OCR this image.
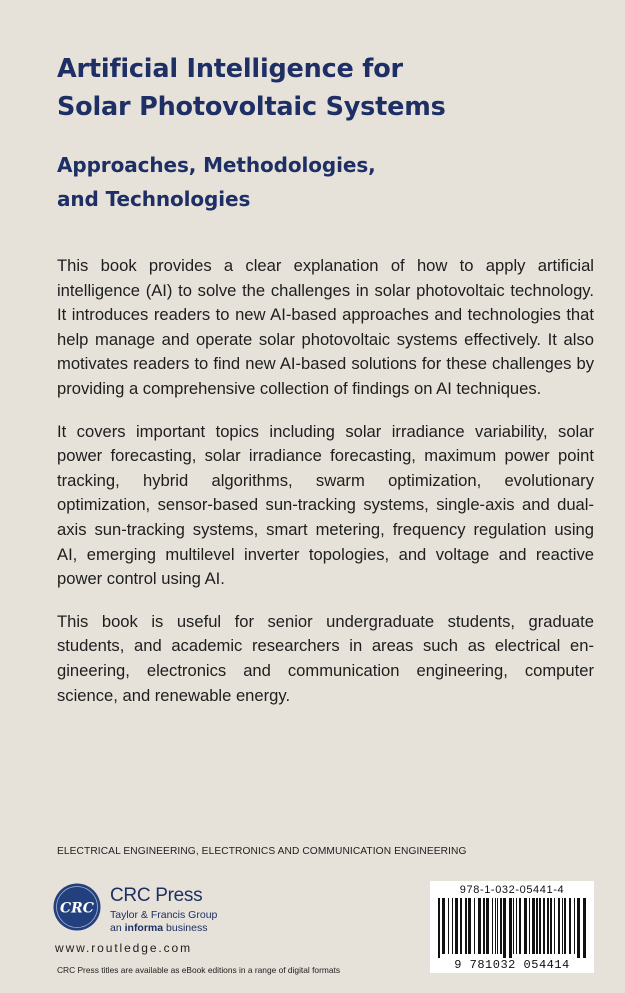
Artificial Intelligence for
Solar Photovoltaic Systems
Approaches, Methodologies,
and Technologies

This book provides a clear explanation of how to apply artificial intelligence (AI) to solve the challenges in solar photovoltaic technology. It introduces readers to new AI-based approaches and technologies that help manage and operate solar photovoltaic systems effectively. It also motivates readers to find new AI-based solutions for these challenges by providing a comprehensive collection of findings on AI techniques.

It covers important topics including solar irradiance variability, solar power forecasting, solar irradiance forecasting, maximum power point tracking, hybrid algorithms, swarm optimization, evolutionary optimization, sensor-based sun-tracking systems, single-axis and dual-axis sun-tracking systems, smart metering, frequency regulation using AI, emerging multilevel inverter topologies, and voltage and reactive power control using AI.

This book is useful for senior undergraduate students, graduate students, and academic researchers in areas such as electrical engineering, electronics and communication engineering, computer science, and renewable energy.

ELECTRICAL ENGINEERING, ELECTRONICS AND COMMUNICATION ENGINEERING
CRC
CRC Press
Taylor & Francis Group
an informa business
www.routledge.com
CRC Press titles are available as eBook editions in a range of digital formats
978-1-032-05441-4
9 781032 054414
